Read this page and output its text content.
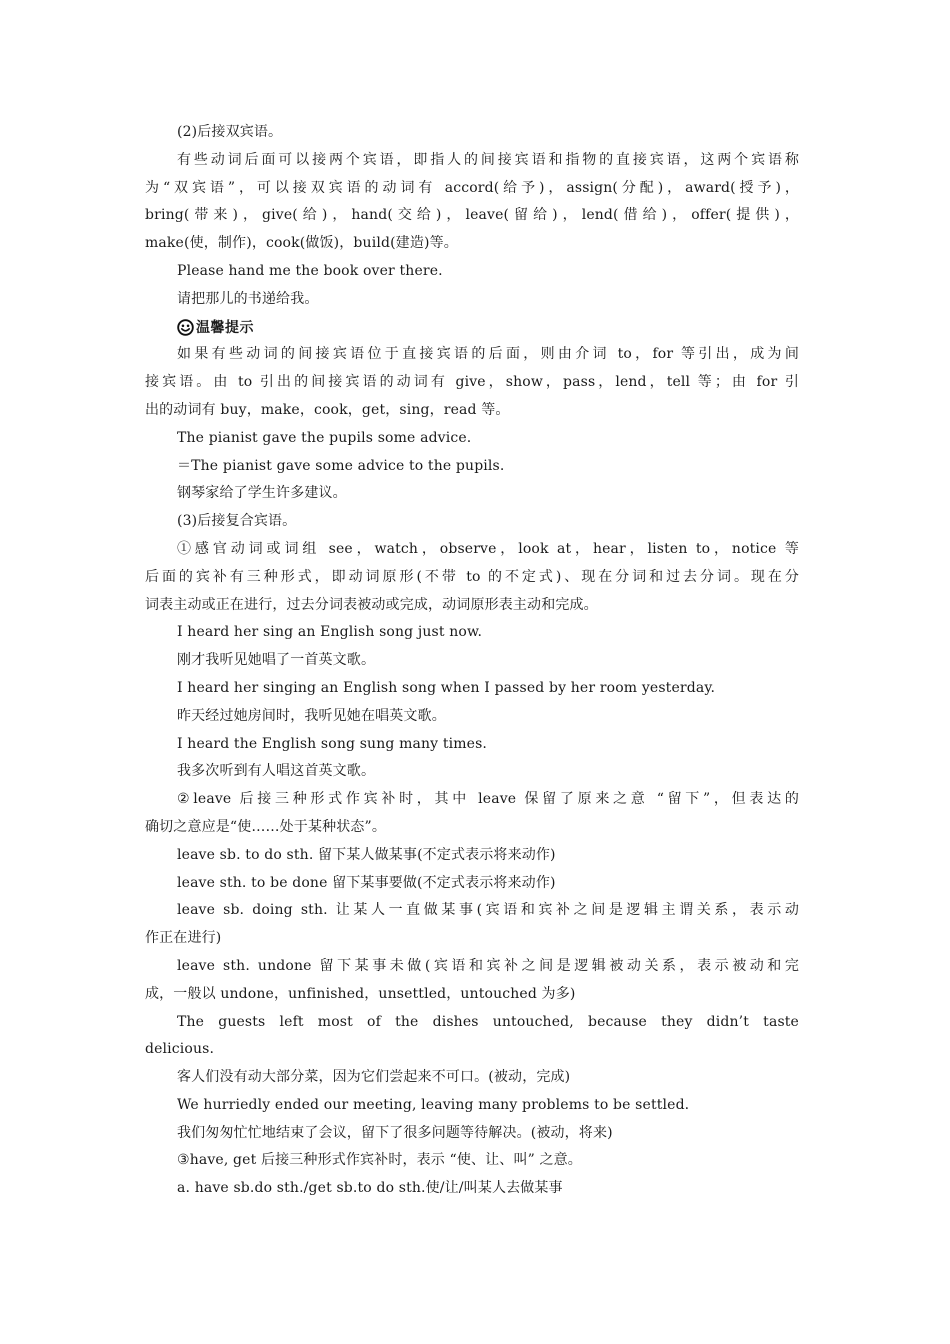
(2)后接双宾语。
有些动词后面可以接两个宾语，即指人的间接宾语和指物的直接宾语，这两个宾语称
为“双宾语”，可以接双宾语的动词有 accord(给予)，assign(分配)，award(授予)，
bring(带来)，give(给)，hand(交给)，leave(留给)，lend(借给)，offer(提供)，
make(使，制作)，cook(做饭)，build(建造)等。
Please hand me the book over there.
请把那儿的书递给我。
温馨提示
如果有些动词的间接宾语位于直接宾语的后面，则由介词 to，for 等引出，成为间
接宾语。由 to 引出的间接宾语的动词有 give，show，pass，lend，tell 等；由 for 引
出的动词有 buy，make，cook，get，sing，read 等。
The pianist gave the pupils some advice.
＝The pianist gave some advice to the pupils.
钢琴家给了学生许多建议。
(3)后接复合宾语。
①感官动词或词组 see，watch，observe，look at，hear，listen to，notice 等
后面的宾补有三种形式，即动词原形(不带 to 的不定式)、现在分词和过去分词。现在分
词表主动或正在进行，过去分词表被动或完成，动词原形表主动和完成。
I heard her sing an English song just now.
刚才我听见她唱了一首英文歌。
I heard her singing an English song when I passed by her room yesterday.
昨天经过她房间时，我听见她在唱英文歌。
I heard the English song sung many times.
我多次听到有人唱这首英文歌。
②leave 后接三种形式作宾补时，其中 leave 保留了原来之意 “留下”，但表达的
确切之意应是“使……处于某种状态”。
leave sb. to do sth. 留下某人做某事(不定式表示将来动作)
leave sth. to be done 留下某事要做(不定式表示将来动作)
leave sb. doing sth. 让某人一直做某事(宾语和宾补之间是逻辑主谓关系，表示动
作正在进行)
leave sth. undone 留下某事未做(宾语和宾补之间是逻辑被动关系，表示被动和完
成，一般以 undone，unfinished，unsettled，untouched 为多)
The guests left most of the dishes untouched, because they didn’t taste
delicious.
客人们没有动大部分菜，因为它们尝起来不可口。(被动，完成)
We hurriedly ended our meeting, leaving many problems to be settled.
我们匆匆忙忙地结束了会议，留下了很多问题等待解决。(被动，将来)
③have, get 后接三种形式作宾补时，表示 “使、让、叫” 之意。
a. have sb.do sth./get sb.to do sth.使/让/叫某人去做某事
